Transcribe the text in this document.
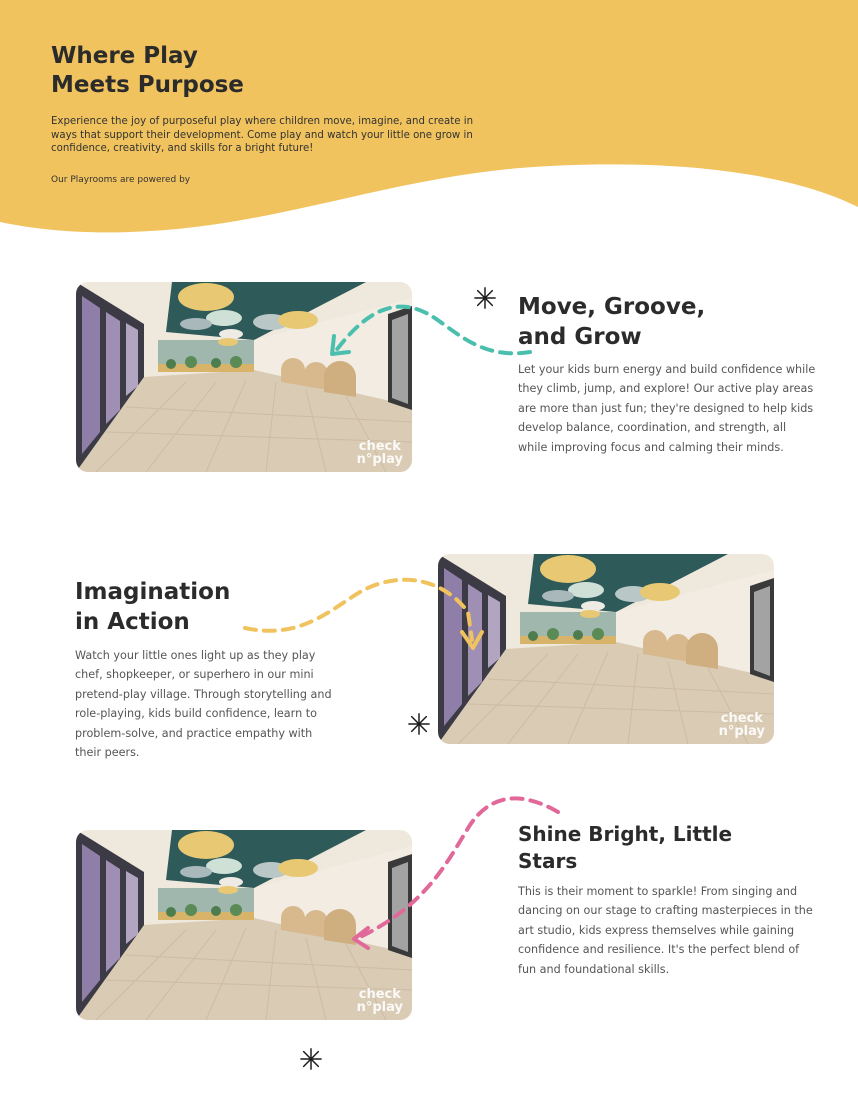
Where Play
Meets Purpose

Experience the joy of purposeful play where children move, imagine, and create in ways that support their development. Come play and watch your little one grow in confidence, creativity, and skills for a bright future!

Our Playrooms are powered by

check
n°play
Move, Groove,
and Grow

Let your kids burn energy and build confidence while they climb, jump, and explore! Our active play areas are more than just fun; they're designed to help kids develop balance, coordination, and strength, all while improving focus and calming their minds.

Imagination
in Action

Watch your little ones light up as they play chef, shopkeeper, or superhero in our mini pretend-play village. Through storytelling and role-playing, kids build confidence, learn to problem-solve, and practice empathy with their peers.

check
n°play
check
n°play
Shine Bright, Little
Stars

This is their moment to sparkle! From singing and dancing on our stage to crafting masterpieces in the art studio, kids express themselves while gaining confidence and resilience. It's the perfect blend of fun and foundational skills.
